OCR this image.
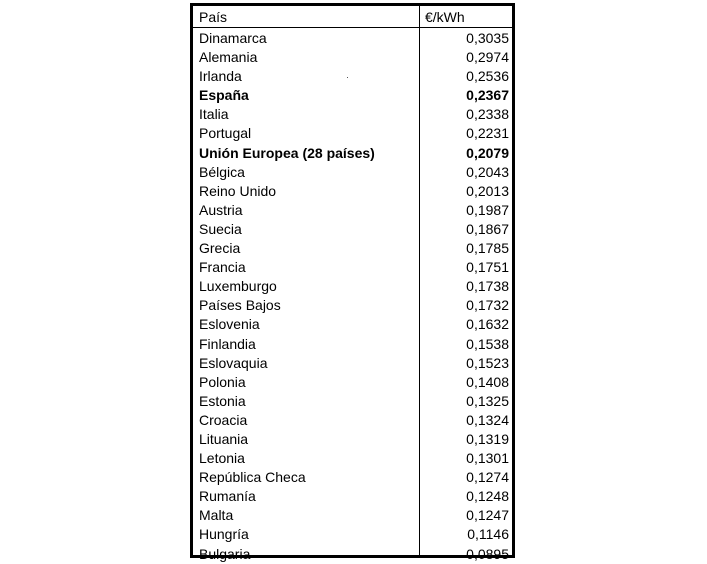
País	€/kWh
Dinamarca	0,3035
Alemania	0,2974
Irlanda	0,2536
España	0,2367
Italia	0,2338
Portugal	0,2231
Unión Europea (28 países)	0,2079
Bélgica	0,2043
Reino Unido	0,2013
Austria	0,1987
Suecia	0,1867
Grecia	0,1785
Francia	0,1751
Luxemburgo	0,1738
Países Bajos	0,1732
Eslovenia	0,1632
Finlandia	0,1538
Eslovaquia	0,1523
Polonia	0,1408
Estonia	0,1325
Croacia	0,1324
Lituania	0,1319
Letonia	0,1301
República Checa	0,1274
Rumanía	0,1248
Malta	0,1247
Hungría	0,1146
Bulgaria	0,0895
